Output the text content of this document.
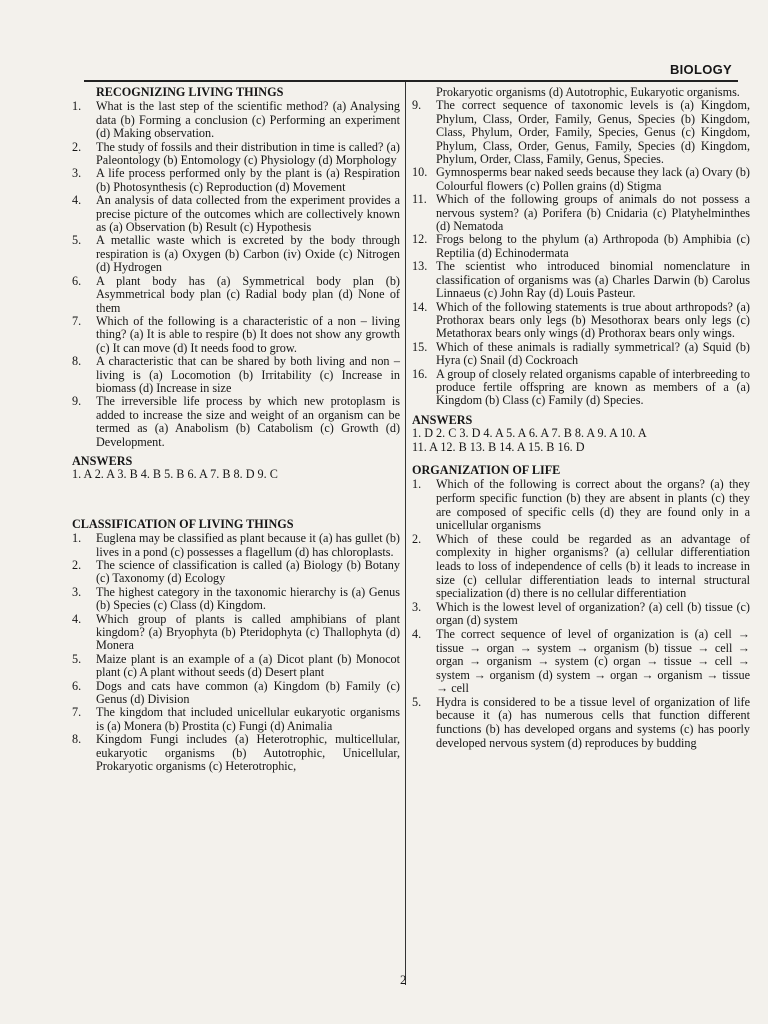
BIOLOGY
RECOGNIZING LIVING THINGS
1.	What is the last step of the scientific method? (a) Analysing data (b) Forming a conclusion (c) Performing an experiment (d) Making observation.
2.	The study of fossils and their distribution in time is called? (a) Paleontology (b) Entomology (c) Physiology (d) Morphology
3.	A life process performed only by the plant is (a) Respiration (b) Photosynthesis (c) Reproduction (d) Movement
4.	An analysis of data collected from the experiment provides a precise picture of the outcomes which are collectively known as (a) Observation (b) Result (c) Hypothesis
5.	A metallic waste which is excreted by the body through respiration is (a) Oxygen (b) Carbon (iv) Oxide (c) Nitrogen (d) Hydrogen
6.	A plant body has (a) Symmetrical body plan (b) Asymmetrical body plan (c) Radial body plan (d) None of them
7.	Which of the following is a characteristic of a non – living thing? (a) It is able to respire (b) It does not show any growth (c) It can move (d) It needs food to grow.
8.	A characteristic that can be shared by both living and non – living is (a) Locomotion (b) Irritability (c) Increase in biomass (d) Increase in size
9.	The irreversible life process by which new protoplasm is added to increase the size and weight of an organism can be termed as (a) Anabolism (b) Catabolism (c) Growth (d) Development.
ANSWERS

1. A 2. A 3. B 4. B 5. B 6. A 7. B 8. D 9. C

CLASSIFICATION OF LIVING THINGS
1.	Euglena may be classified as plant because it (a) has gullet (b) lives in a pond (c) possesses a flagellum (d) has chloroplasts.
2.	The science of classification is called (a) Biology (b) Botany (c) Taxonomy (d) Ecology
3.	The highest category in the taxonomic hierarchy is (a) Genus (b) Species (c) Class (d) Kingdom.
4.	Which group of plants is called amphibians of plant kingdom? (a) Bryophyta (b) Pteridophyta (c) Thallophyta (d) Monera
5.	Maize plant is an example of a (a) Dicot plant (b) Monocot plant (c) A plant without seeds (d) Desert plant
6.	Dogs and cats have common (a) Kingdom (b) Family (c) Genus (d) Division
7.	The kingdom that included unicellular eukaryotic organisms is (a) Monera (b) Prostita (c) Fungi (d) Animalia
8.	Kingdom Fungi includes (a) Heterotrophic, multicellular, eukaryotic organisms (b) Autotrophic, Unicellular, Prokaryotic organisms (c) Heterotrophic,
Prokaryotic organisms (d) Autotrophic, Eukaryotic organisms.
9.	The correct sequence of taxonomic levels is (a) Kingdom, Phylum, Class, Order, Family, Genus, Species (b) Kingdom, Class, Phylum, Order, Family, Species, Genus (c) Kingdom, Phylum, Class, Order, Genus, Family, Species (d) Kingdom, Phylum, Order, Class, Family, Genus, Species.
10. Gymnosperms bear naked seeds because they lack (a) Ovary (b) Colourful flowers (c) Pollen grains (d) Stigma
11. Which of the following groups of animals do not possess a nervous system? (a) Porifera (b) Cnidaria (c) Platyhelminthes (d) Nematoda
12. Frogs belong to the phylum (a) Arthropoda (b) Amphibia (c) Reptilia (d) Echinodermata
13. The scientist who introduced binomial nomenclature in classification of organisms was (a) Charles Darwin (b) Carolus Linnaeus (c) John Ray (d) Louis Pasteur.
14. Which of the following statements is true about arthropods? (a) Prothorax bears only legs (b) Mesothorax bears only legs (c) Metathorax bears only wings (d) Prothorax bears only wings.
15. Which of these animals is radially symmetrical? (a) Squid (b) Hyra (c) Snail (d) Cockroach
16. A group of closely related organisms capable of interbreeding to produce fertile offspring are known as members of a (a) Kingdom (b) Class (c) Family (d) Species.
ANSWERS

1. D 2. C 3. D 4. A 5. A 6. A 7. B 8. A 9. A 10. A

11. A 12. B 13. B 14. A 15. B 16. D

ORGANIZATION OF LIFE
1.	Which of the following is correct about the organs? (a) they perform specific function (b) they are absent in plants (c) they are composed of specific cells (d) they are found only in a unicellular organisms
2.	Which of these could be regarded as an advantage of complexity in higher organisms? (a) cellular differentiation leads to loss of independence of cells (b) it leads to increase in size (c) cellular differentiation leads to internal structural specialization (d) there is no cellular differentiation
3.	Which is the lowest level of organization? (a) cell (b) tissue (c) organ (d) system
4.	The correct sequence of level of organization is (a) cell → tissue → organ → system → organism (b) tissue → cell → organ → organism → system (c) organ → tissue → cell → system → organism (d) system → organ → organism → tissue → cell
5.	Hydra is considered to be a tissue level of organization of life because it (a) has numerous cells that function different functions (b) has developed organs and systems (c) has poorly developed nervous system (d) reproduces by budding
2
